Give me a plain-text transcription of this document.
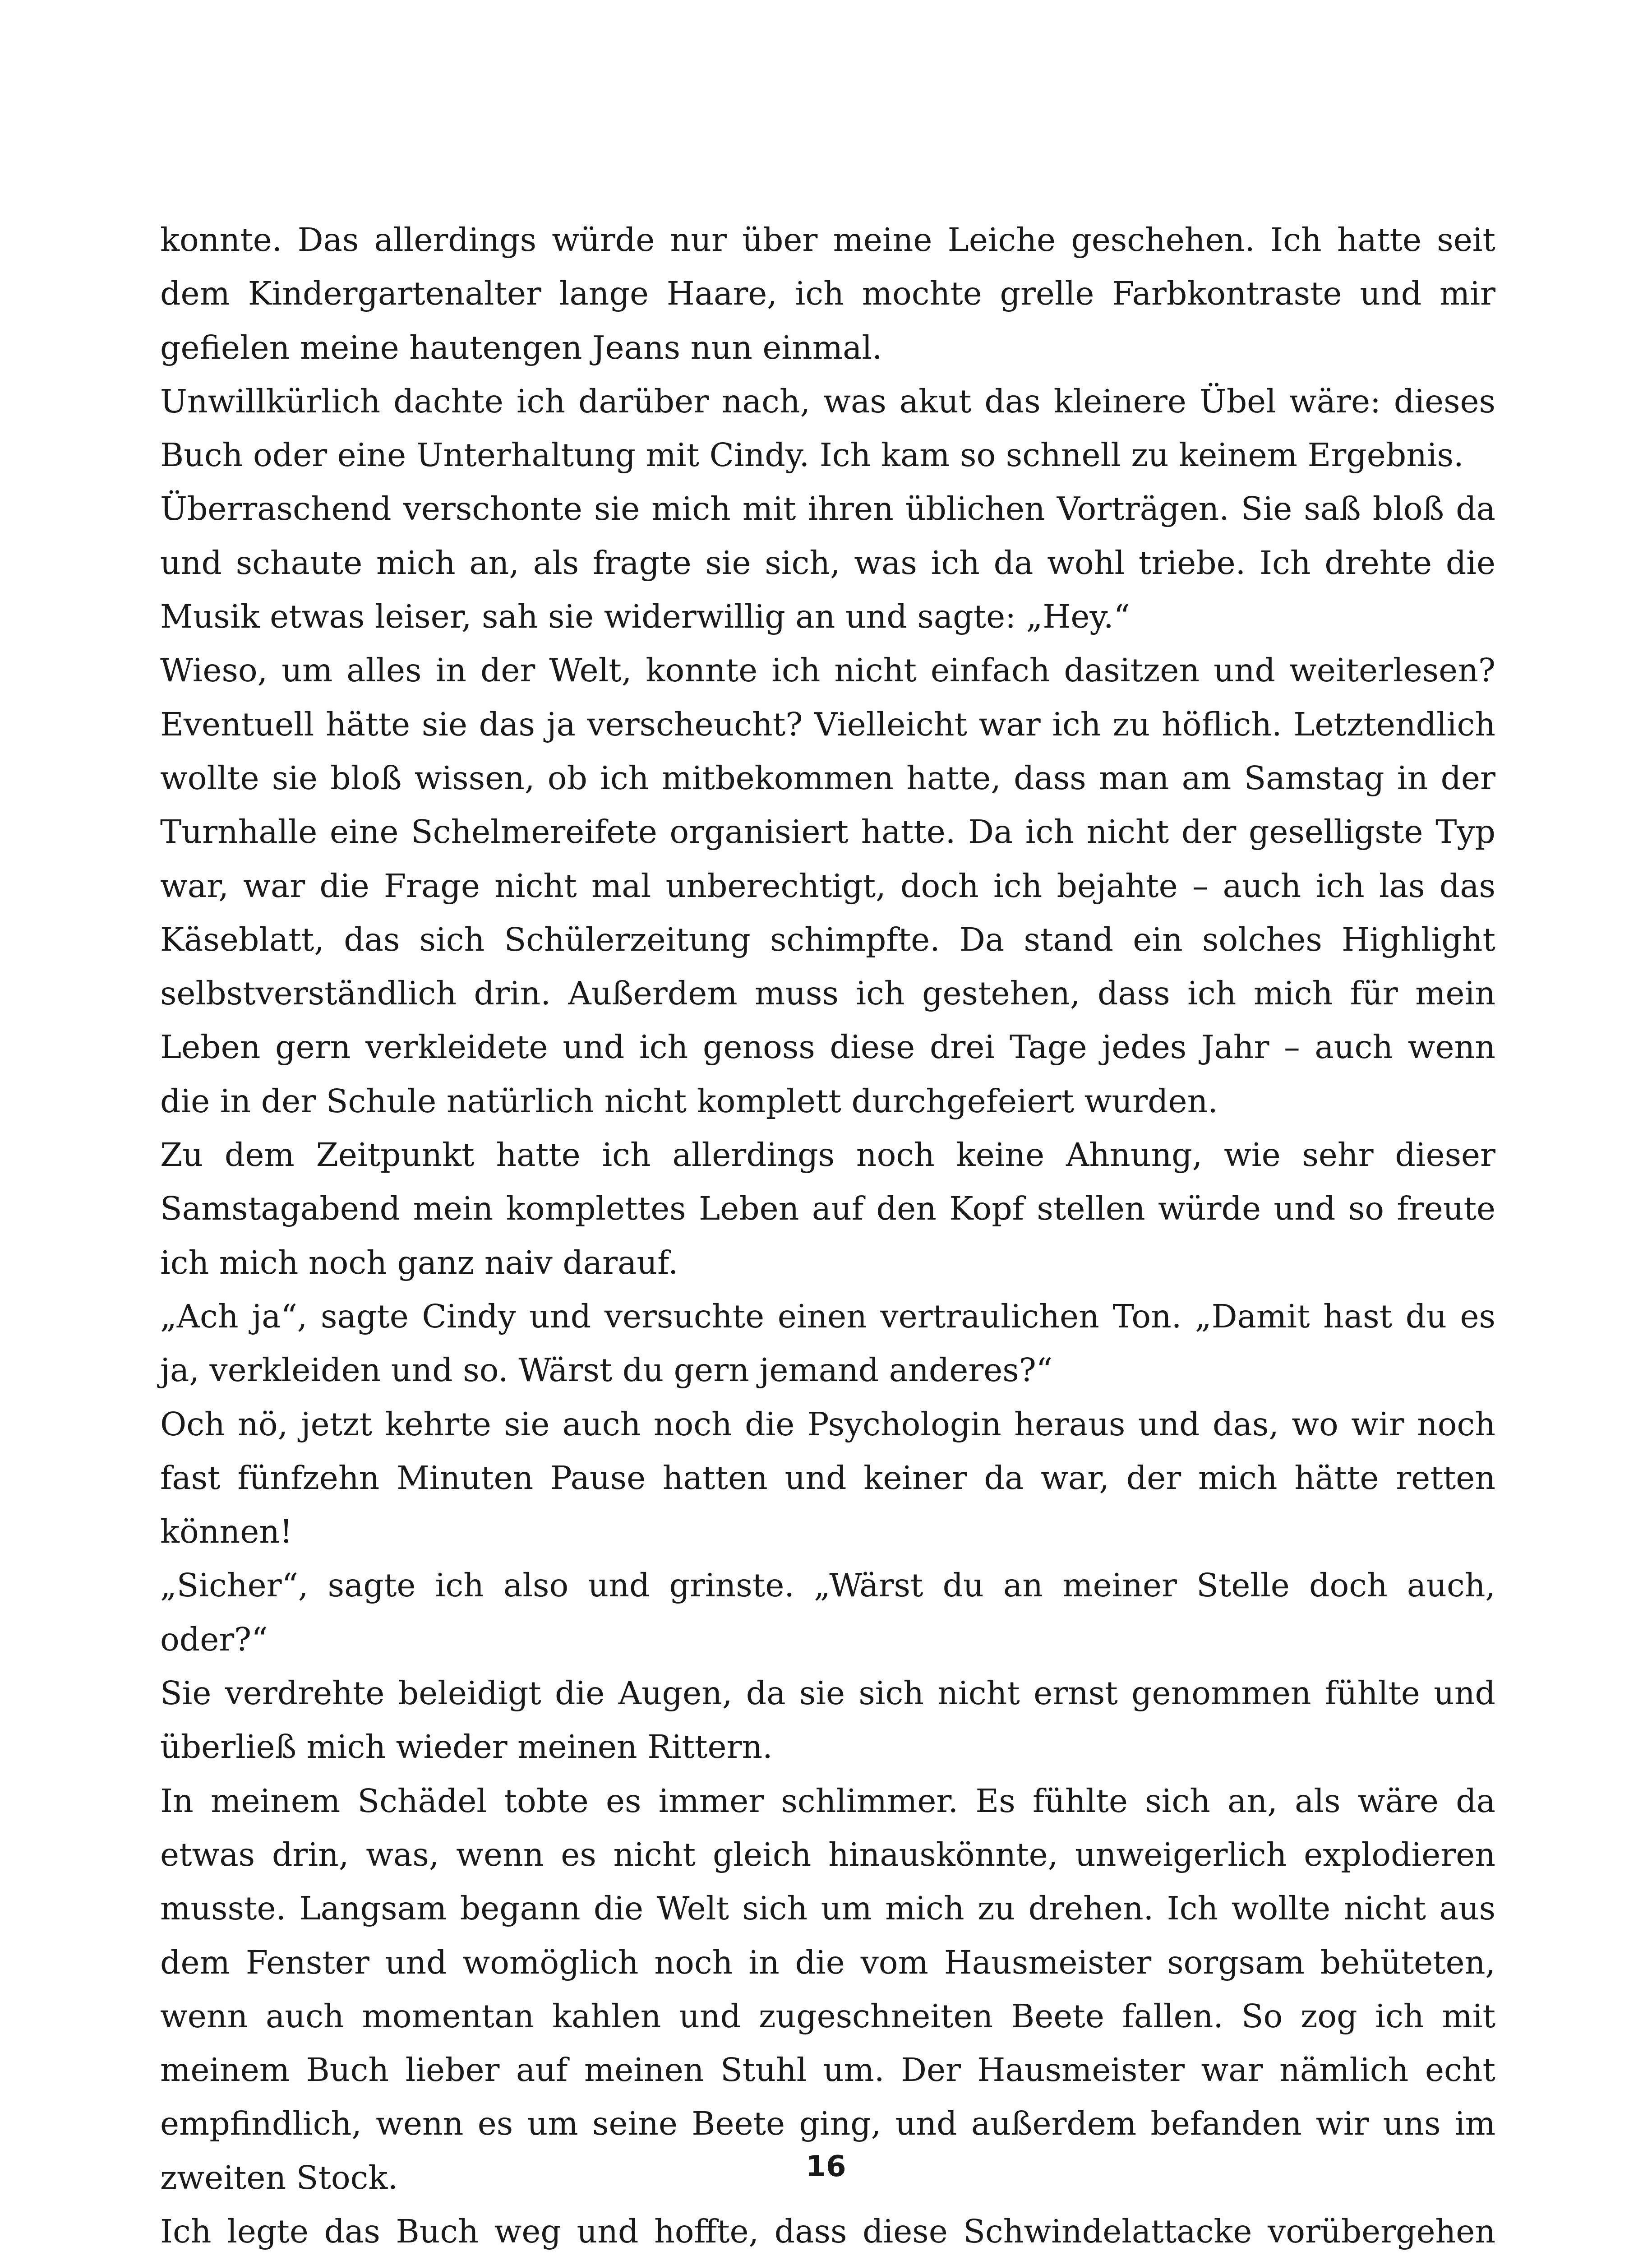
konnte. Das allerdings würde nur über meine Leiche geschehen. Ich hatte seit dem Kindergartenalter lange Haare, ich mochte grelle Farbkontraste und mir gefielen meine hautengen Jeans nun einmal.

Unwillkürlich dachte ich darüber nach, was akut das kleinere Übel wäre: dieses Buch oder eine Unterhaltung mit Cindy. Ich kam so schnell zu keinem Ergebnis.

Überraschend verschonte sie mich mit ihren üblichen Vorträgen. Sie saß bloß da und schaute mich an, als fragte sie sich, was ich da wohl triebe. Ich drehte die Musik etwas leiser, sah sie widerwillig an und sagte: „Hey.“

Wieso, um alles in der Welt, konnte ich nicht einfach dasitzen und weiterlesen? Eventuell hätte sie das ja verscheucht? Vielleicht war ich zu höflich. Letztendlich wollte sie bloß wissen, ob ich mitbekommen hatte, dass man am Samstag in der Turnhalle eine Schelmereifete organisiert hatte. Da ich nicht der geselligste Typ war, war die Frage nicht mal unberechtigt, doch ich bejahte – auch ich las das Käseblatt, das sich Schülerzeitung schimpfte. Da stand ein solches Highlight selbstverständlich drin. Außerdem muss ich gestehen, dass ich mich für mein Leben gern verkleidete und ich genoss diese drei Tage jedes Jahr – auch wenn die in der Schule natürlich nicht komplett durchgefeiert wurden.

Zu dem Zeitpunkt hatte ich allerdings noch keine Ahnung, wie sehr dieser Samstagabend mein komplettes Leben auf den Kopf stellen würde und so freute ich mich noch ganz naiv darauf.

„Ach ja“, sagte Cindy und versuchte einen vertraulichen Ton. „Damit hast du es ja, verkleiden und so. Wärst du gern jemand anderes?“

Och nö, jetzt kehrte sie auch noch die Psychologin heraus und das, wo wir noch fast fünfzehn Minuten Pause hatten und keiner da war, der mich hätte retten können!

„Sicher“, sagte ich also und grinste. „Wärst du an meiner Stelle doch auch, oder?“

Sie verdrehte beleidigt die Augen, da sie sich nicht ernst genommen fühlte und überließ mich wieder meinen Rittern.

In meinem Schädel tobte es immer schlimmer. Es fühlte sich an, als wäre da etwas drin, was, wenn es nicht gleich hinauskönnte, unweigerlich explodieren musste. Langsam begann die Welt sich um mich zu drehen. Ich wollte nicht aus dem Fenster und womöglich noch in die vom Hausmeister sorgsam behüteten, wenn auch momentan kahlen und zugeschneiten Beete fallen. So zog ich mit meinem Buch lieber auf meinen Stuhl um. Der Hausmeister war nämlich echt empfindlich, wenn es um seine Beete ging, und außerdem befanden wir uns im zweiten Stock.

Ich legte das Buch weg und hoffte, dass diese Schwindelattacke vorübergehen

16
